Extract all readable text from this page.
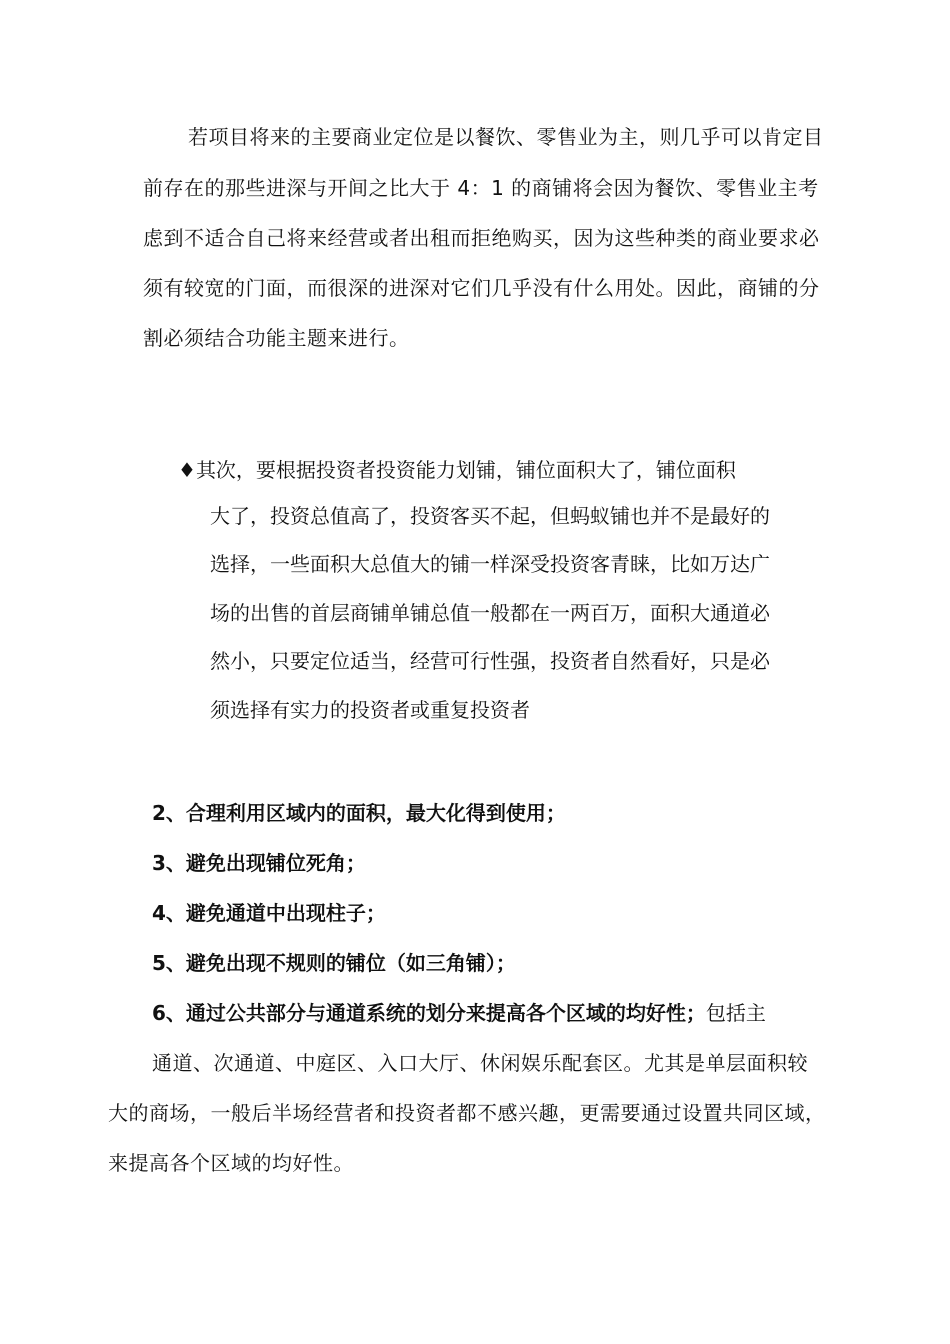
若项目将来的主要商业定位是以餐饮、零售业为主，则几乎可以肯定目
前存在的那些进深与开间之比大于 4：1 的商铺将会因为餐饮、零售业主考
虑到不适合自己将来经营或者出租而拒绝购买，因为这些种类的商业要求必
须有较宽的门面，而很深的进深对它们几乎没有什么用处。因此，商铺的分
割必须结合功能主题来进行。
♦其次，要根据投资者投资能力划铺，铺位面积大了，铺位面积
大了，投资总值高了，投资客买不起，但蚂蚁铺也并不是最好的
选择，一些面积大总值大的铺一样深受投资客青睐，比如万达广
场的出售的首层商铺单铺总值一般都在一两百万，面积大通道必
然小，只要定位适当，经营可行性强，投资者自然看好，只是必
须选择有实力的投资者或重复投资者
2、合理利用区域内的面积，最大化得到使用；
3、避免出现铺位死角；
4、避免通道中出现柱子；
5、避免出现不规则的铺位（如三角铺）；
6、通过公共部分与通道系统的划分来提高各个区域的均好性；包括主
通道、次通道、中庭区、入口大厅、休闲娱乐配套区。尤其是单层面积较
大的商场，一般后半场经营者和投资者都不感兴趣，更需要通过设置共同区域，
来提高各个区域的均好性。
